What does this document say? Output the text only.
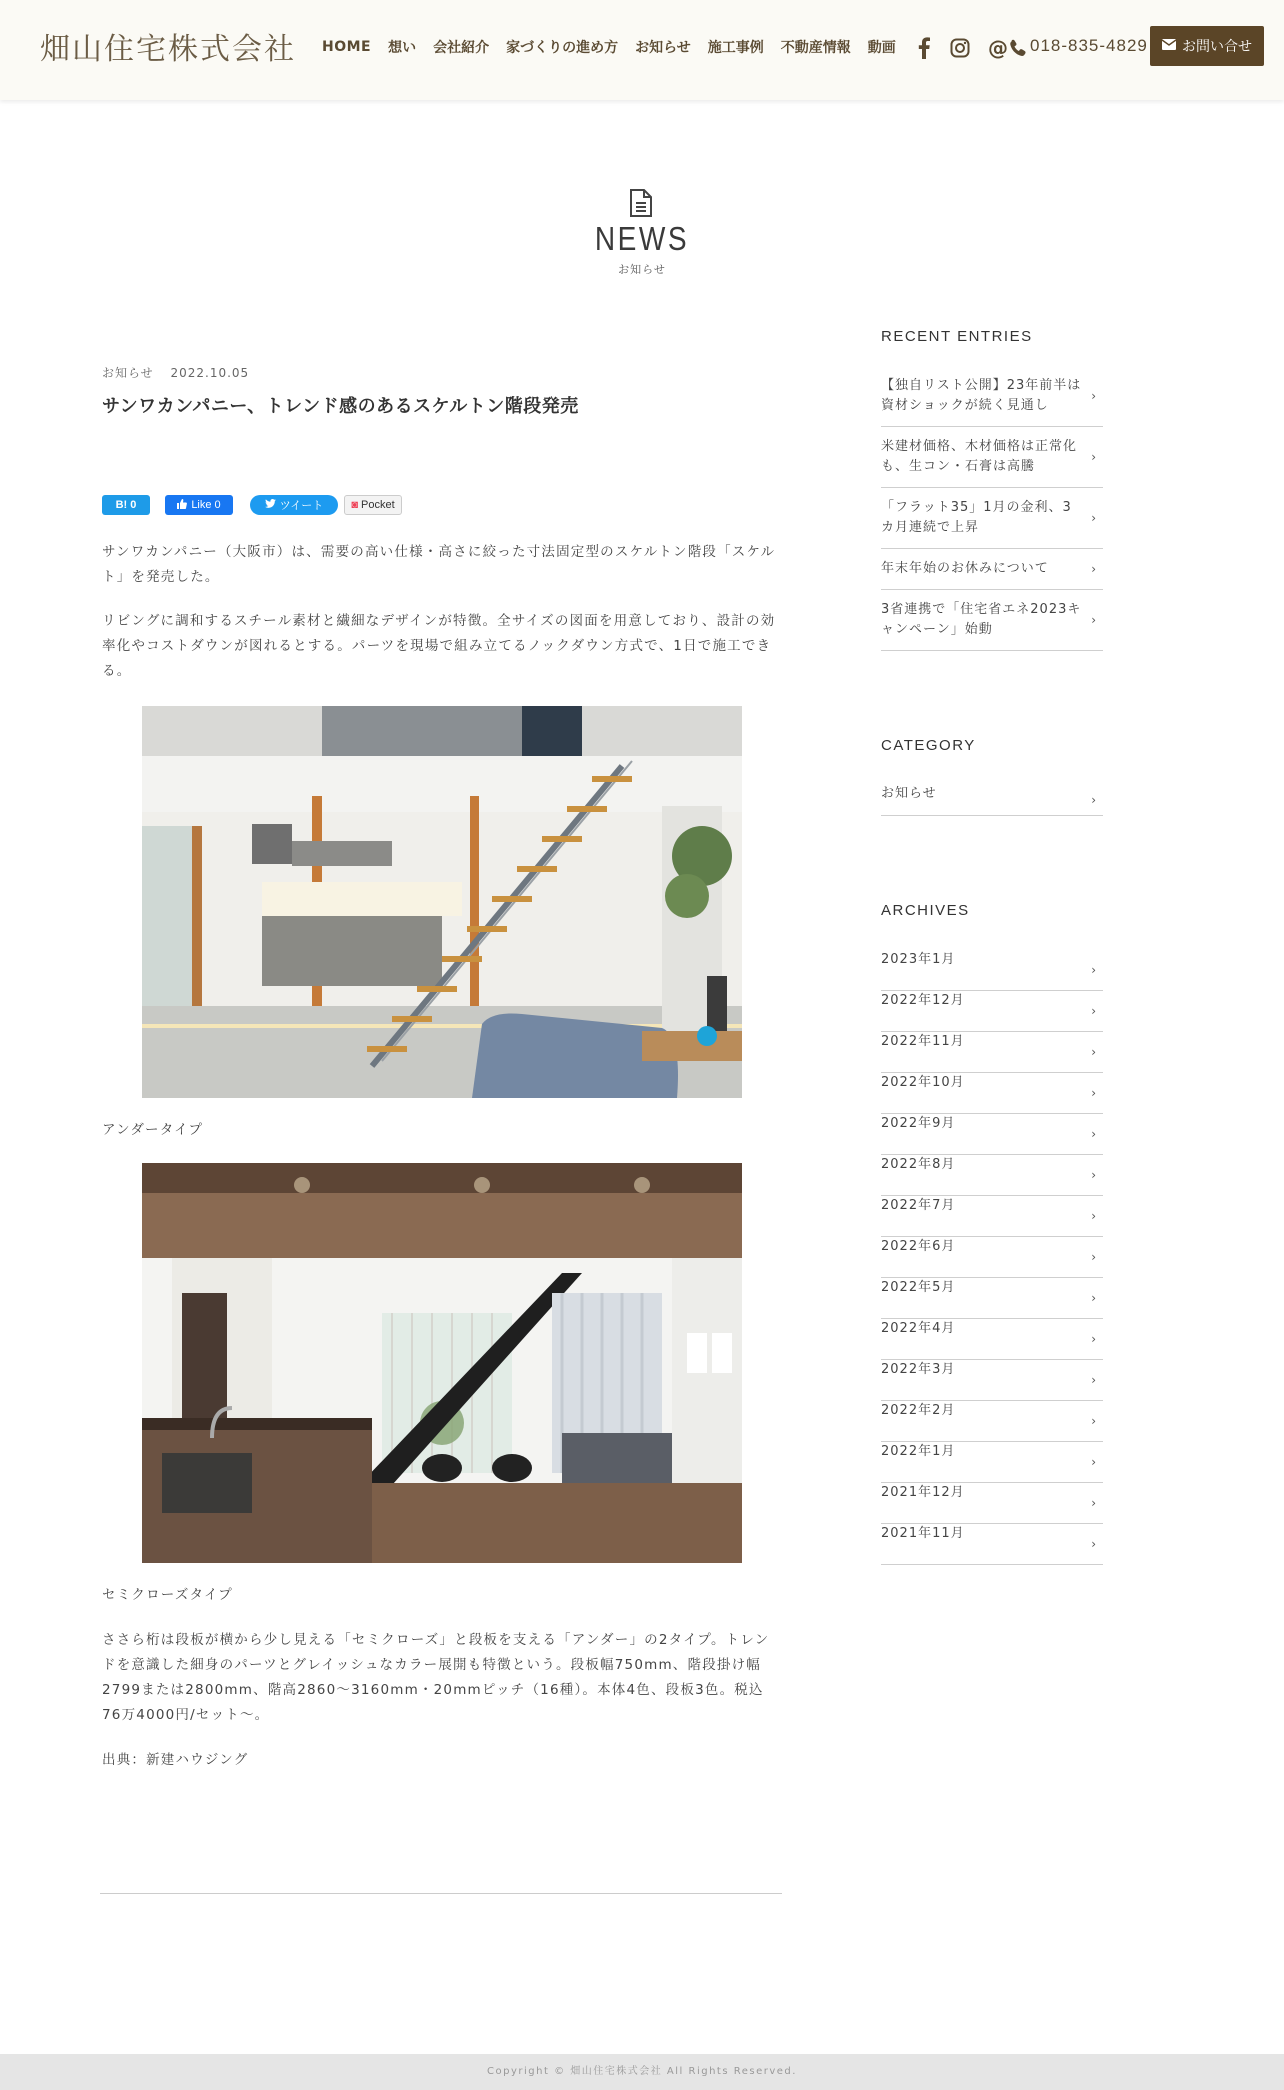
畑山住宅株式会社 HOME 想い 会社紹介 家づくりの進め方 お知らせ 施工事例 不動産情報 動画	@ 018-835-4829 お問い合せ
NEWS
お知らせ
お知らせ 2022.10.05
サンワカンパニー、トレンド感のあるスケルトン階段発売
B! 0	Like 0	ツイート	◙ Pocket

サンワカンパニー（大阪市）は、需要の高い仕様・高さに絞った寸法固定型のスケルトン階段「スケルト」を発売した。

リビングに調和するスチール素材と繊細なデザインが特徴。全サイズの図面を用意しており、設計の効率化やコストダウンが図れるとする。パーツを現場で組み立てるノックダウン方式で、1日で施工できる。

アンダータイプ
セミクローズタイプ

ささら桁は段板が横から少し見える「セミクローズ」と段板を支える「アンダー」の2タイプ。トレンドを意識した細身のパーツとグレイッシュなカラー展開も特徴という。段板幅750mm、階段掛け幅2799または2800mm、階高2860～3160mm・20mmピッチ（16種）。本体4色、段板3色。税込76万4000円/セット〜。

出典：新建ハウジング

RECENT ENTRIES
【独自リスト公開】23年前半は資材ショックが続く見通し
›
米建材価格、木材価格は正常化も、生コン・石膏は高騰
›
「フラット35」1月の金利、3カ月連続で上昇
›
年末年始のお休みについて	›
3省連携で「住宅省エネ2023キャンペーン」始動
›
CATEGORY
お知らせ	›
ARCHIVES
2023年1月
›
2022年12月
›
2022年11月
›
2022年10月
›
2022年9月
›
2022年8月
›
2022年7月
›
2022年6月
›
2022年5月
›
2022年4月
›
2022年3月
›
2022年2月
›
2022年1月
›
2021年12月
›
2021年11月
›
Copyright © 畑山住宅株式会社 All Rights Reserved.
